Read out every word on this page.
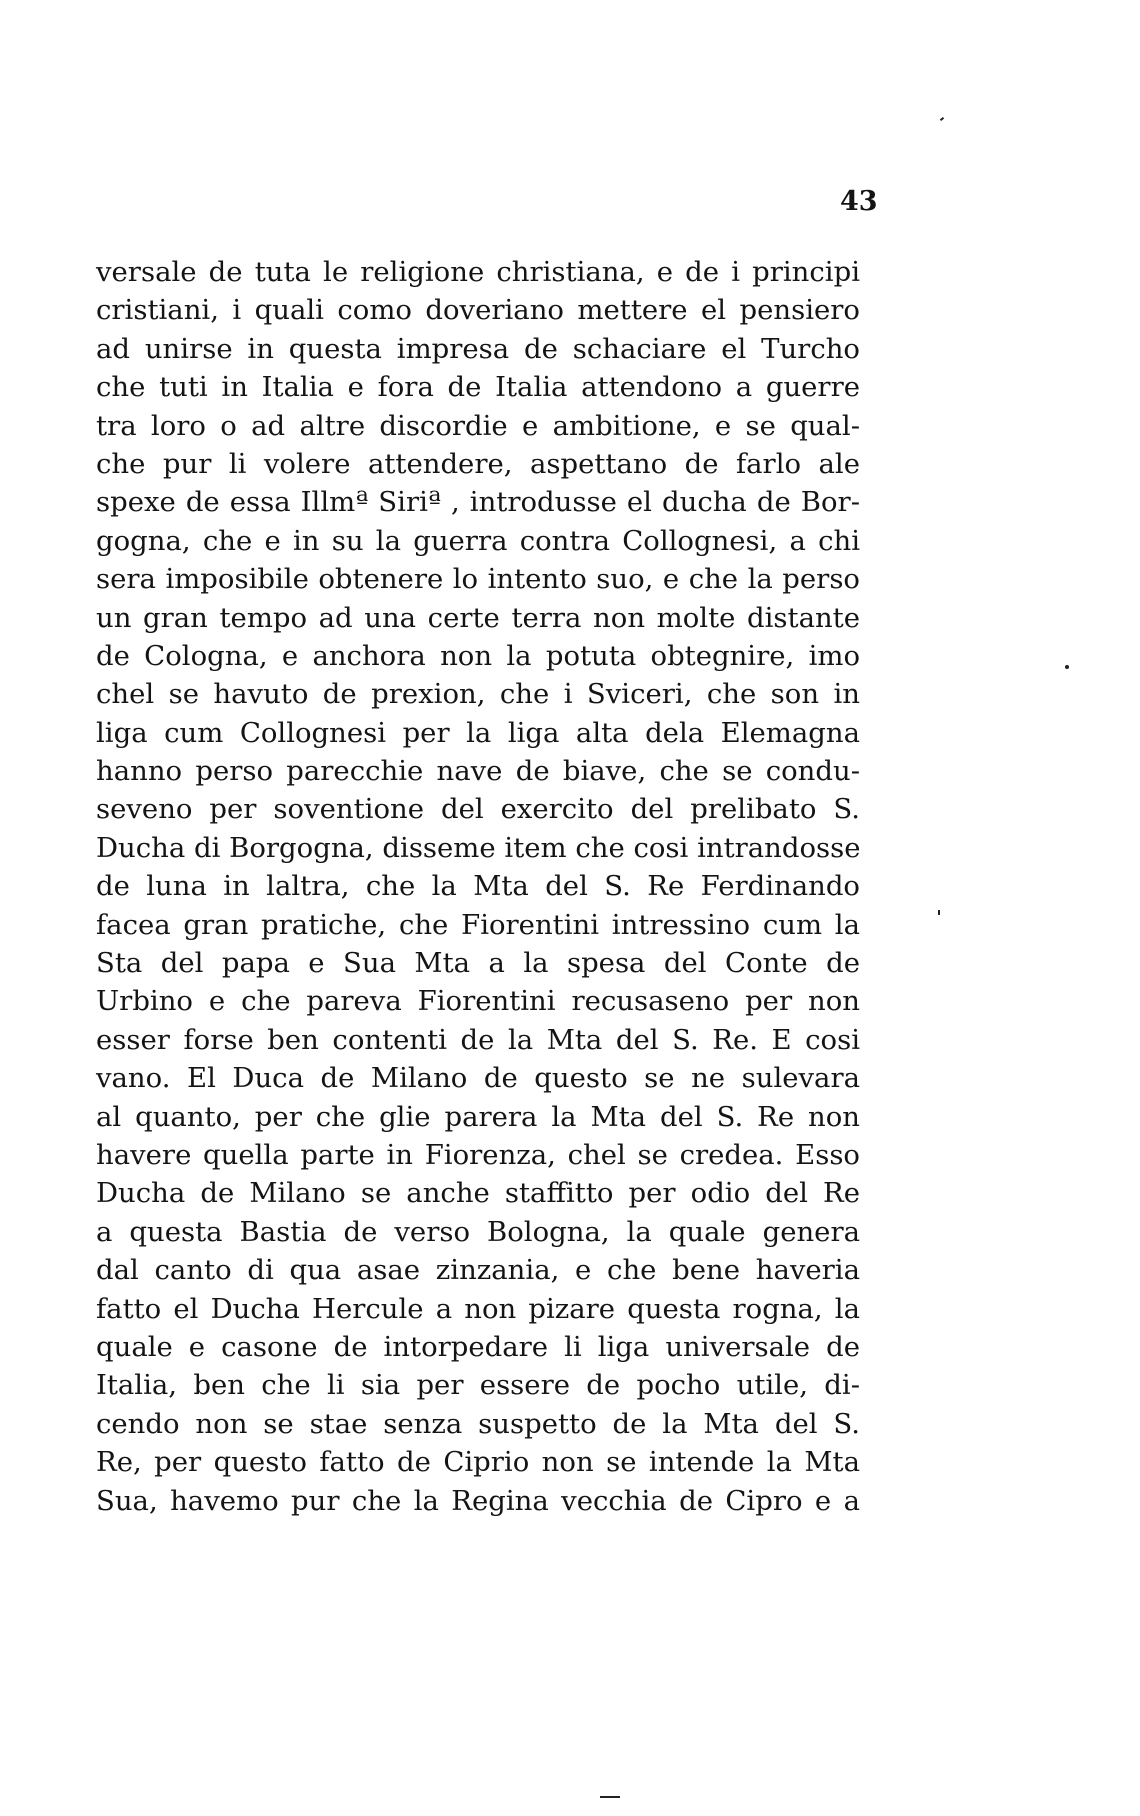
43
versale de tuta le religione christiana, e de i principi
cristiani, i quali como doveriano mettere el pensiero
ad unirse in questa impresa de schaciare el Turcho
che tuti in Italia e fora de Italia attendono a guerre
tra loro o ad altre discordie e ambitione, e se qual-
che pur li volere attendere, aspettano de farlo ale
spexe de essa Illmª Siriª , introdusse el ducha de Bor-
gogna, che e in su la guerra contra Collognesi, a chi
sera imposibile obtenere lo intento suo, e che la perso
un gran tempo ad una certe terra non molte distante
de Cologna, e anchora non la potuta obtegnire, imo
chel se havuto de prexion, che i Sviceri, che son in
liga cum Collognesi per la liga alta dela Elemagna
hanno perso parecchie nave de biave, che se condu-
seveno per soventione del exercito del prelibato S.
Ducha di Borgogna, disseme item che cosi intrandosse
de luna in laltra, che la Mta del S. Re Ferdinando
facea gran pratiche, che Fiorentini intressino cum la
Sta del papa e Sua Mta a la spesa del Conte de
Urbino e che pareva Fiorentini recusaseno per non
esser forse ben contenti de la Mta del S. Re. E cosi
vano. El Duca de Milano de questo se ne sulevara
al quanto, per che glie parera la Mta del S. Re non
havere quella parte in Fiorenza, chel se credea. Esso
Ducha de Milano se anche staffitto per odio del Re
a questa Bastia de verso Bologna, la quale genera
dal canto di qua asae zinzania, e che bene haveria
fatto el Ducha Hercule a non pizare questa rogna, la
quale e casone de intorpedare li liga universale de
Italia, ben che li sia per essere de pocho utile, di-
cendo non se stae senza suspetto de la Mta del S.
Re, per questo fatto de Ciprio non se intende la Mta
Sua, havemo pur che la Regina vecchia de Cipro e a
